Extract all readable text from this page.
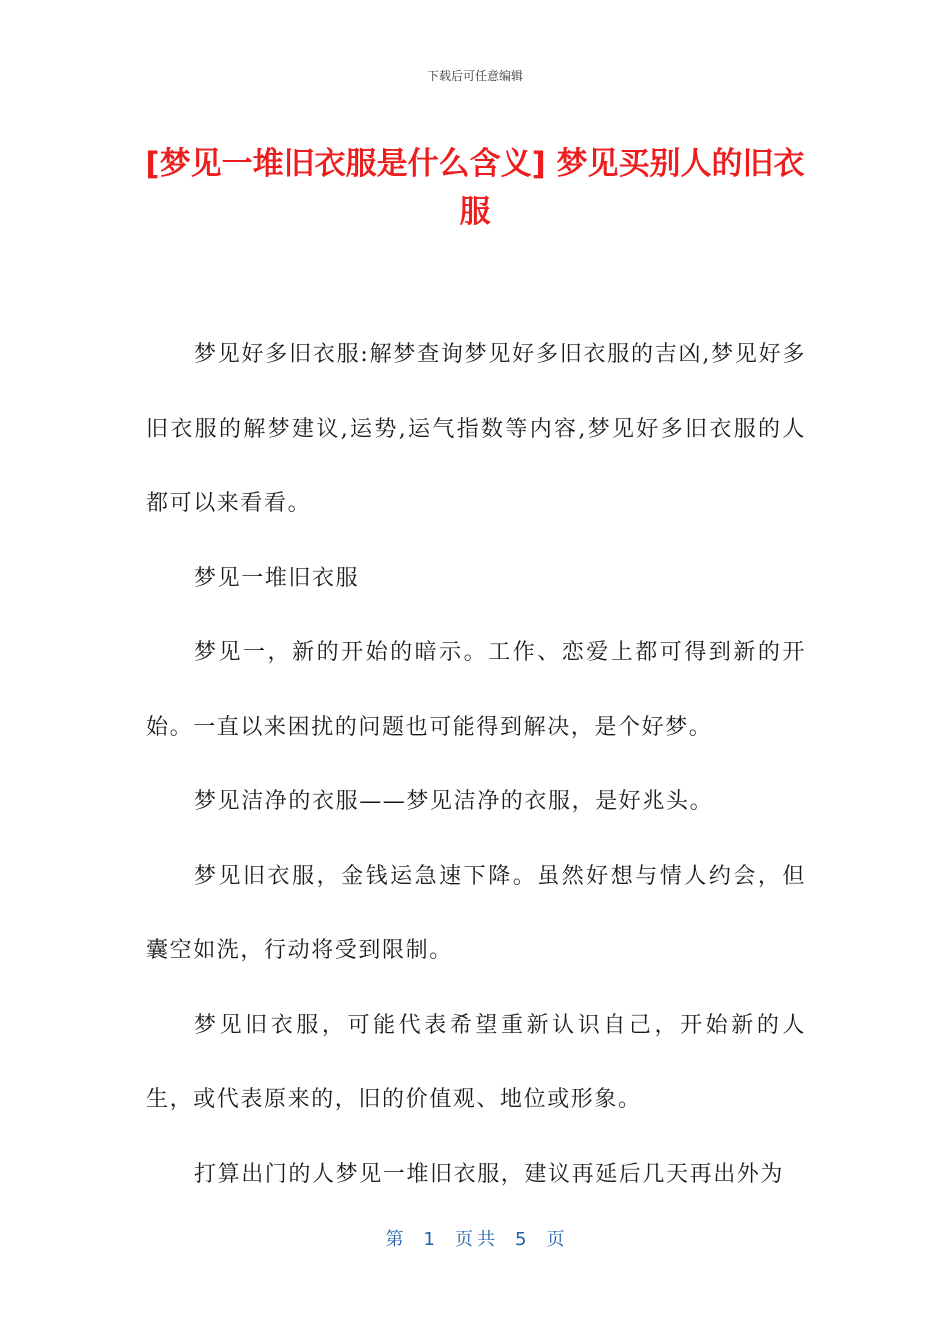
下载后可任意编辑
[梦见一堆旧衣服是什么含义] 梦见买别人的旧衣服

梦见好多旧衣服:解梦查询梦见好多旧衣服的吉凶,梦见好多旧衣服的解梦建议,运势,运气指数等内容,梦见好多旧衣服的人都可以来看看。

梦见一堆旧衣服

梦见一，新的开始的暗示。工作、恋爱上都可得到新的开始。一直以来困扰的问题也可能得到解决，是个好梦。

梦见洁净的衣服——梦见洁净的衣服，是好兆头。

梦见旧衣服，金钱运急速下降。虽然好想与情人约会，但囊空如洗，行动将受到限制。

梦见旧衣服，可能代表希望重新认识自己，开始新的人生，或代表原来的，旧的价值观、地位或形象。

打算出门的人梦见一堆旧衣服，建议再延后几天再出外为

第 1 页 共 5 页
